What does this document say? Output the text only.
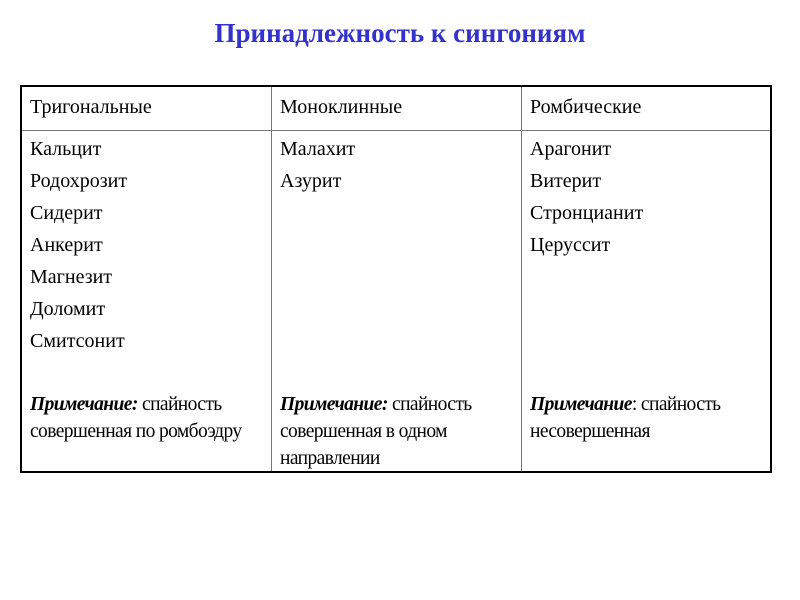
Принадлежность к сингониям
Тригональные	Моноклинные	Ромбические
Кальцит
Родохрозит
Сидерит
Анкерит
Магнезит
Доломит
Смитсонит
Примечание: спайность совершенная по ромбоэдру
Малахит
Азурит
Примечание: спайность совершенная в одном направлении
Арагонит
Витерит
Стронцианит
Церуссит
Примечание: спайность несовершенная
